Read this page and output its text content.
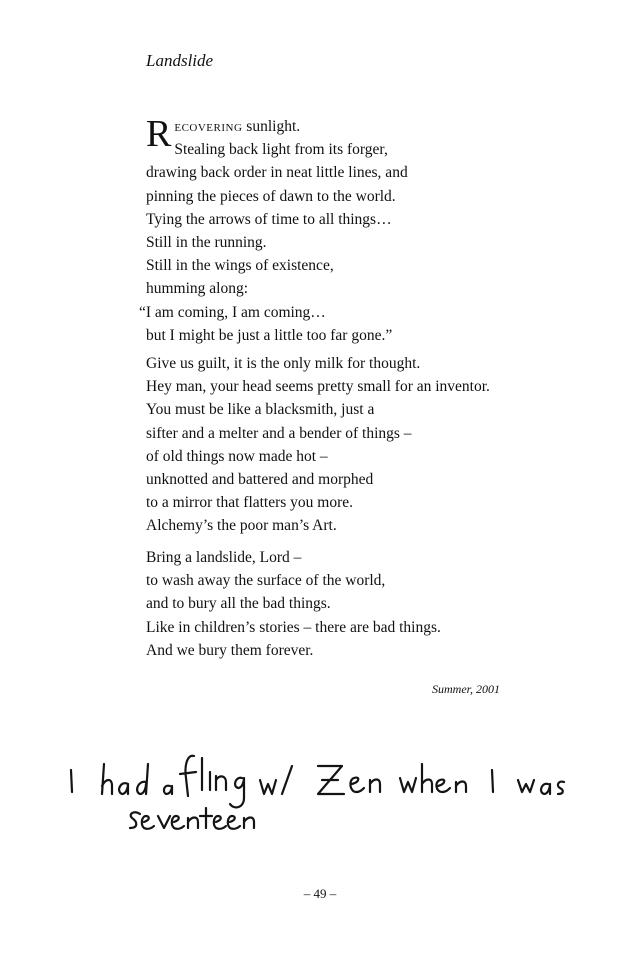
Landslide
Recovering sunlight.
Stealing back light from its forger,
drawing back order in neat little lines, and
pinning the pieces of dawn to the world.
Tying the arrows of time to all things…
Still in the running.
Still in the wings of existence,
humming along:
“I am coming, I am coming…
but I might be just a little too far gone.”
Give us guilt, it is the only milk for thought.
Hey man, your head seems pretty small for an inventor.
You must be like a blacksmith, just a
sifter and a melter and a bender of things –
of old things now made hot –
unknotted and battered and morphed
to a mirror that flatters you more.
Alchemy’s the poor man’s Art.
Bring a landslide, Lord –
to wash away the surface of the world,
and to bury all the bad things.
Like in children’s stories – there are bad things.
And we bury them forever.
Summer, 2001
– 49 –
